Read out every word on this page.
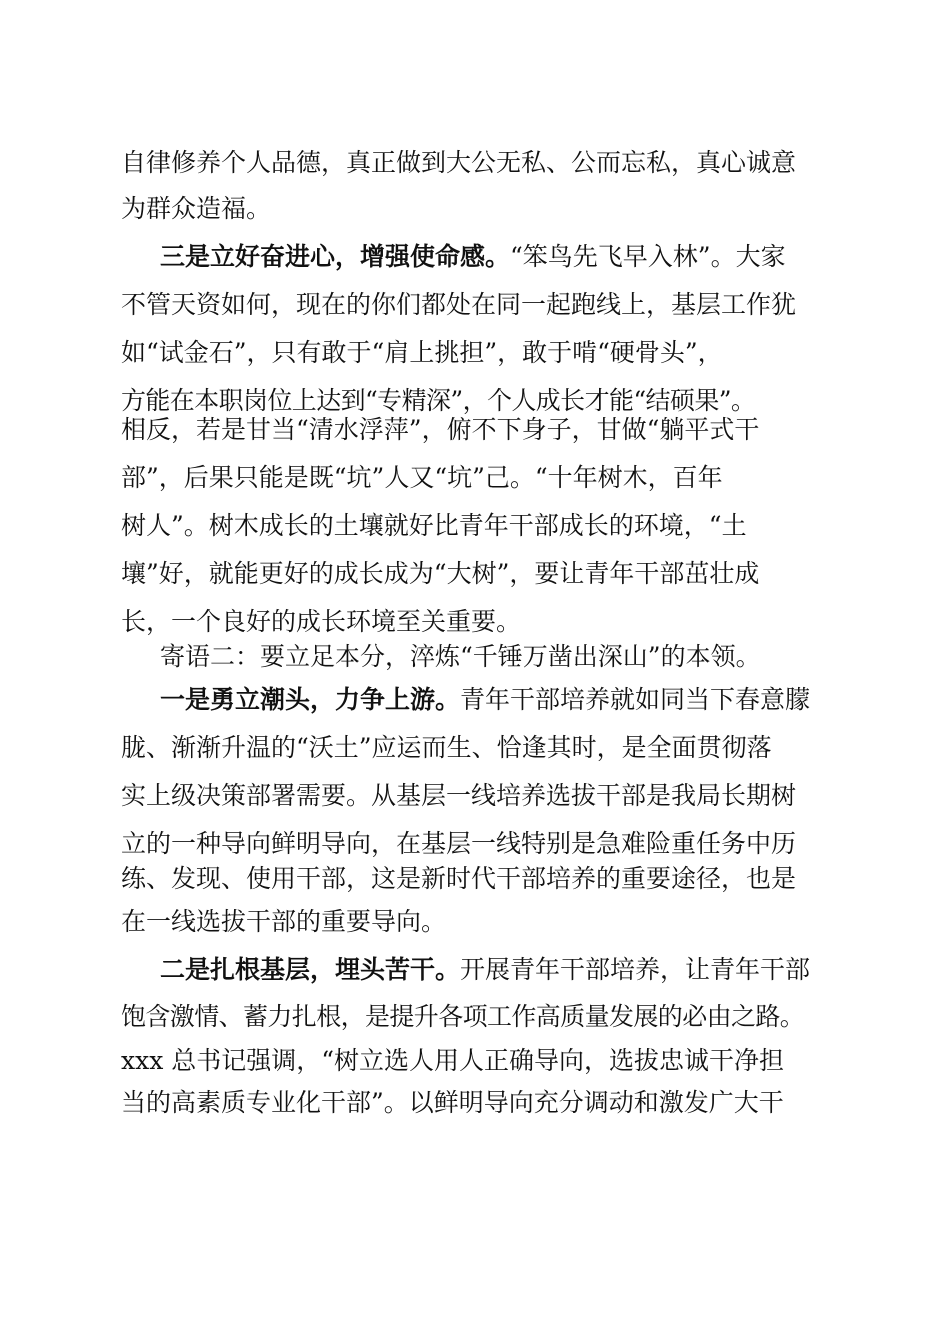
自律修养个人品德，真正做到大公无私、公而忘私，真心诚意
为群众造福。
三是立好奋进心，增强使命感。“笨鸟先飞早入林”。大家
不管天资如何，现在的你们都处在同一起跑线上，基层工作犹
如“试金石”，只有敢于“肩上挑担”，敢于啃“硬骨头”，
方能在本职岗位上达到“专精深”，个人成长才能“结硕果”。
相反，若是甘当“清水浮萍”，俯不下身子，甘做“躺平式干
部”，后果只能是既“坑”人又“坑”己。“十年树木，百年
树人”。树木成长的土壤就好比青年干部成长的环境，“土
壤”好，就能更好的成长成为“大树”，要让青年干部茁壮成
长，一个良好的成长环境至关重要。
寄语二：要立足本分，淬炼“千锤万凿出深山”的本领。
一是勇立潮头，力争上游。青年干部培养就如同当下春意朦
胧、渐渐升温的“沃土”应运而生、恰逢其时，是全面贯彻落
实上级决策部署需要。从基层一线培养选拔干部是我局长期树
立的一种导向鲜明导向，在基层一线特别是急难险重任务中历
练、发现、使用干部，这是新时代干部培养的重要途径，也是
在一线选拔干部的重要导向。
二是扎根基层，埋头苦干。开展青年干部培养，让青年干部
饱含激情、蓄力扎根，是提升各项工作高质量发展的必由之路。
xxx 总书记强调，“树立选人用人正确导向，选拔忠诚干净担
当的高素质专业化干部”。以鲜明导向充分调动和激发广大干
